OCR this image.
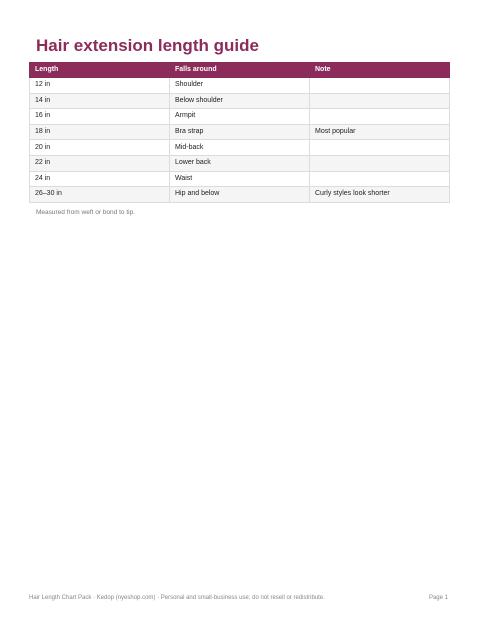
Hair extension length guide
Length	Falls around	Note
12 in	Shoulder	
14 in	Below shoulder	
16 in	Armpit	
18 in	Bra strap	Most popular
20 in	Mid-back	
22 in	Lower back	
24 in	Waist	
26–30 in	Hip and below	Curly styles look shorter

Measured from weft or bond to tip.

Hair Length Chart Pack · Kedop (nyeshop.com) · Personal and small-business use; do not resell or redistribute.	Page 1
